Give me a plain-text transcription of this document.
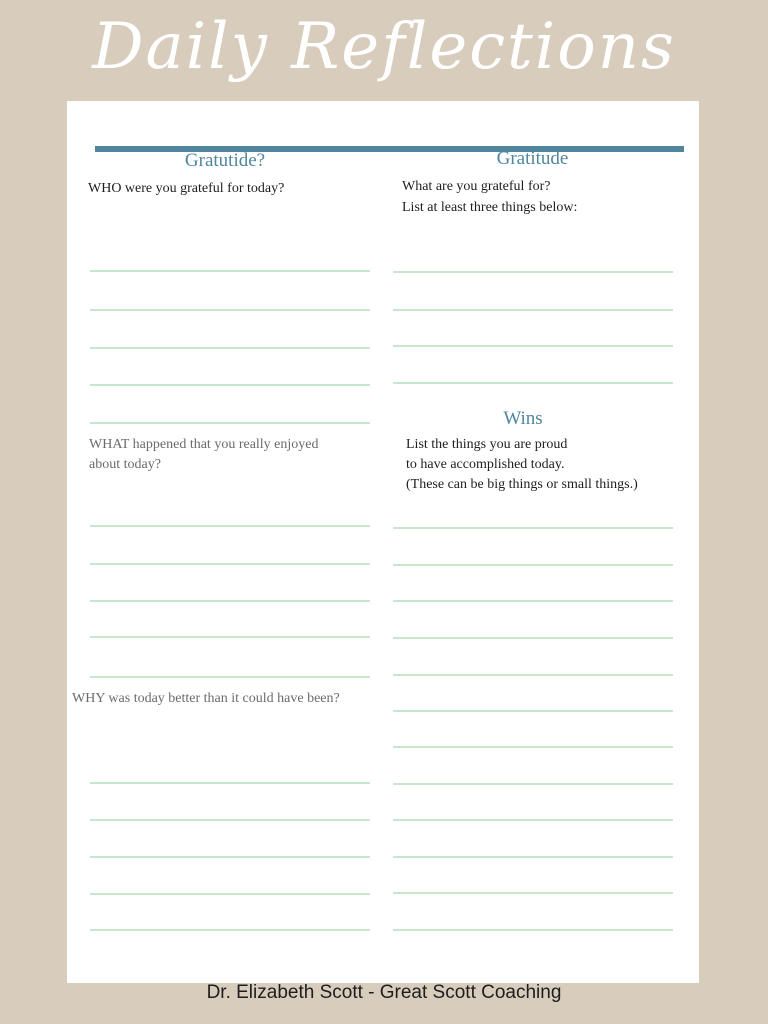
Daily Reflections
Gratutide?
WHO were you grateful for today?
WHAT happened that you really enjoyed
about today?
WHY was today better than it could have been?
Gratitude
What are you grateful for?
List at least three things below:
Wins
List the things you are proud
to have accomplished today.
(These can be big things or small things.)
Dr. Elizabeth Scott - Great Scott Coaching
